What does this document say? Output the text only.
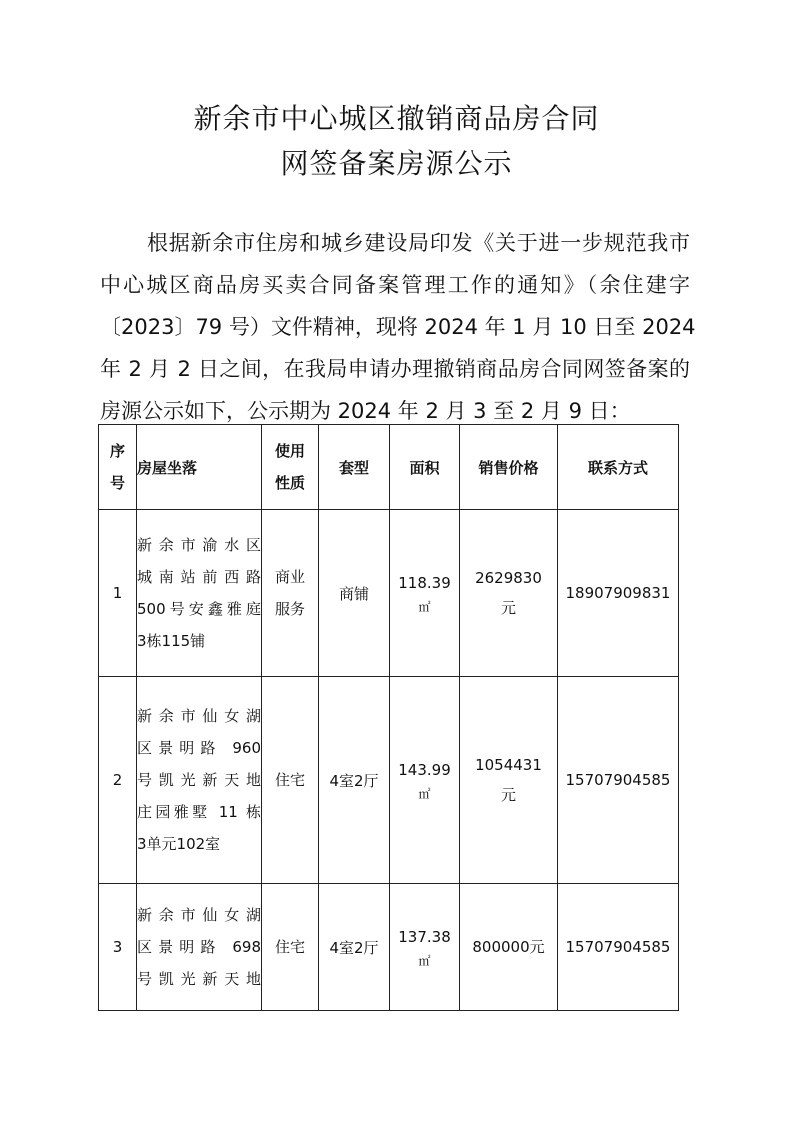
新余市中心城区撤销商品房合同
网签备案房源公示
根据新余市住房和城乡建设局印发《关于进一步规范我市
中心城区商品房买卖合同备案管理工作的通知》（余住建字
〔2023〕79 号）文件精神，现将 2024 年 1 月 10 日至 2024
年 2 月 2 日之间，在我局申请办理撤销商品房合同网签备案的
房源公示如下，公示期为 2024 年 2 月 3 至 2 月 9 日：
序
号	房屋坐落	使用
性质	套型	面积	销售价格	联系方式
1	新余市渝水区
城南站前西路
500号安鑫雅庭
3栋115铺	商业
服务	商铺	118.39
㎡	2629830
元	18907909831
2	新余市仙女湖
区景明路 960
号凯光新天地
庄园雅墅 11 栋
3单元102室	住宅	4室2厅	143.99
㎡	1054431
元	15707904585
3	新余市仙女湖
区景明路 698
号凯光新天地	住宅	4室2厅	137.38
㎡	800000元	15707904585
